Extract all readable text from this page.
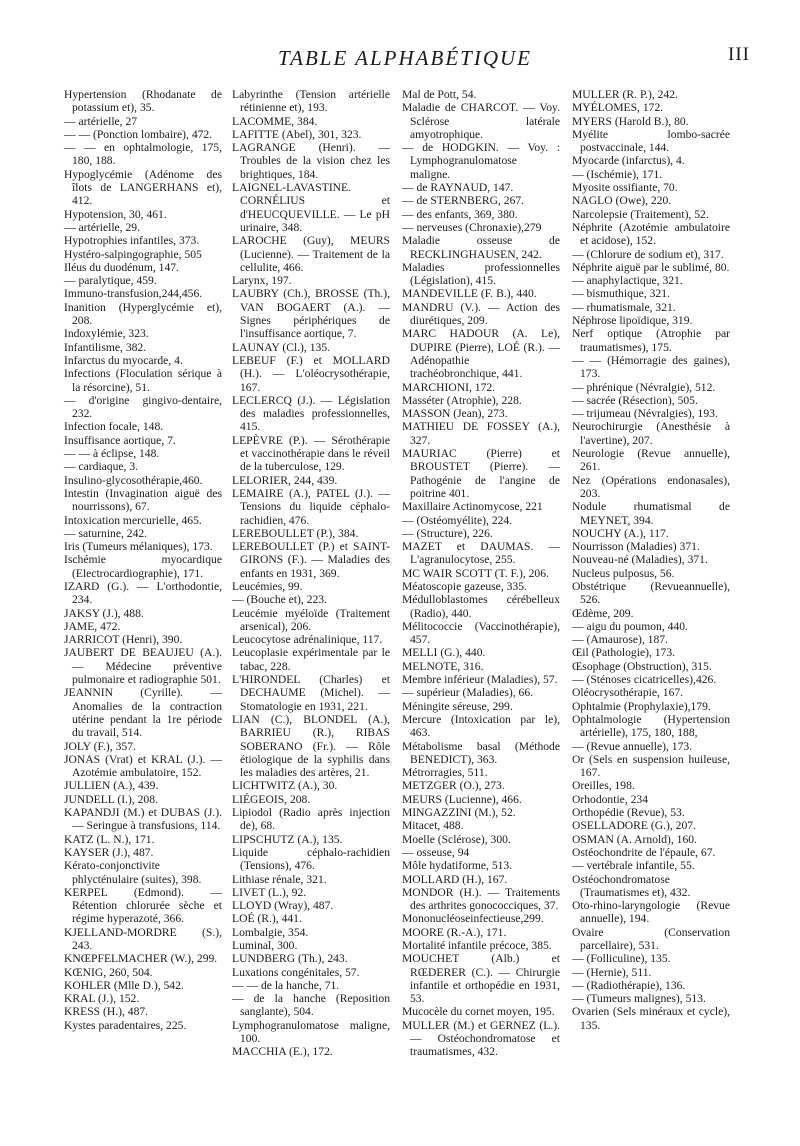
TABLE ALPHABÉTIQUE	III
Hypertension (Rhodanate de potassium et), 35.
— artérielle, 27
— — (Ponction lombaire), 472.
— — en ophtalmologie, 175, 180, 188.
Hypoglycémie (Adénome des îlots de LANGERHANS et), 412.
Hypotension, 30, 461.
— artérielle, 29.
Hypotrophies infantiles, 373.
Hystéro-salpingographie, 505
Iléus du duodénum, 147.
— paralytique, 459.
Immuno-transfusion,244,456.
Inanition (Hyperglycémie et), 208.
Indoxylémie, 323.
Infantilisme, 382.
Infarctus du myocarde, 4.
Infections (Floculation sérique à la résorcine), 51.
— d'origine gingivo-dentaire, 232.
Infection focale, 148.
Insuffisance aortique, 7.
— — à éclipse, 148.
— cardiaque, 3.
Insulino-glycosothérapie,460.
Intestin (Invagination aiguë des nourrissons), 67.
Intoxication mercurielle, 465.
— saturnine, 242.
Iris (Tumeurs mélaniques), 173.
Ischémie myocardique (Electrocardiographie), 171.
IZARD (G.). — L'orthodontie, 234.
JAKSY (J.), 488.
JAME, 472.
JARRICOT (Henri), 390.
JAUBERT DE BEAUJEU (A.). — Médecine préventive pulmonaire et radiographie 501.
JEANNIN (Cyrille). — Anomalies de la contraction utérine pendant la 1re période du travail, 514.
JOLY (F.), 357.
JONAS (Vrat) et KRAL (J.). — Azotémie ambulatoire, 152.
JULLIEN (A.), 439.
JUNDELL (I.), 208.
KAPANDJI (M.) et DUBAS (J.). — Seringue à transfusions, 114.
KATZ (L. N.), 171.
KAYSER (J.), 487.
Kérato-conjonctivite phlycténulaire (suites), 398.
KERPEL (Edmond). — Rétention chlorurée sèche et régime hyperazoté, 366.
KJELLAND-MORDRE (S.), 243.
KNŒPFELMACHER (W.), 299.
KŒNIG, 260, 504.
KOHLER (Mlle D.), 542.
KRAL (J.), 152.
KRESS (H.), 487.
Kystes paradentaires, 225.
Labyrinthe (Tension artérielle rétinienne et), 193.
LACOMME, 384.
LAFITTE (Abel), 301, 323.
LAGRANGE (Henri). — Troubles de la vision chez les brightiques, 184.
LAIGNEL-LAVASTINE. CORNÉLIUS et d'HEUCQUEVILLE. — Le pH urinaire, 348.
LAROCHE (Guy), MEURS (Lucienne). — Traitement de la cellulite, 466.
Larynx, 197.
LAUBRY (Ch.), BROSSE (Th.), VAN BOGAERT (A.). — Signes périphériques de l'insuffisance aortique, 7.
LAUNAY (Cl.), 135.
LEBEUF (F.) et MOLLARD (H.). — L'oléocrysothérapie, 167.
LECLERCQ (J.). — Législation des maladies professionnelles, 415.
LEPÈVRE (P.). — Sérothérapie et vaccinothérapie dans le réveil de la tuberculose, 129.
LELORIER, 244, 439.
LEMAIRE (A.), PATEL (J.). — Tensions du liquide céphalo-rachidien, 476.
LEREBOULLET (P.), 384.
LEREBOULLET (P.) et SAINT-GIRONS (F.). — Maladies des enfants en 1931, 369.
Leucémies, 99.
— (Bouche et), 223.
Leucémie myéloïde (Traitement arsenical), 206.
Leucocytose adrénalinique, 117.
Leucoplasie expérimentale par le tabac, 228.
L'HIRONDEL (Charles) et DECHAUME (Michel). — Stomatologie en 1931, 221.
LIAN (C.), BLONDEL (A.), BARRIEU (R.), RIBAS SOBERANO (Fr.). — Rôle étiologique de la syphilis dans les maladies des artères, 21.
LICHTWITZ (A.), 30.
LIÉGEOIS, 208.
Lipiodol (Radio après injection de), 68.
LIPSCHUTZ (A.), 135.
Liquide céphalo-rachidien (Tensions), 476.
Lithiase rénale, 321.
LIVET (L.), 92.
LLOYD (Wray), 487.
LOÉ (R.), 441.
Lombalgie, 354.
Luminal, 300.
LUNDBERG (Th.), 243.
Luxations congénitales, 57.
— — de la hanche, 71.
— de la hanche (Reposition sanglante), 504.
Lymphogranulomatose maligne, 100.
MACCHIA (E.), 172.
Mal de Pott, 54.
Maladie de CHARCOT. — Voy. Sclérose latérale amyotrophique.
— de HODGKIN. — Voy. : Lymphogranulomatose maligne.
— de RAYNAUD, 147.
— de STERNBERG, 267.
— des enfants, 369, 380.
— nerveuses (Chronaxie),279
Maladie osseuse de RECKLINGHAUSEN, 242.
Maladies professionnelles (Législation), 415.
MANDEVILLE (F. B.), 440.
MANDRU (V.). — Action des diurétiques, 209.
MARC HADOUR (A. Le), DUPIRE (Pierre), LOÉ (R.). — Adénopathie trachéobronchique, 441.
MARCHIONI, 172.
Masséter (Atrophie), 228.
MASSON (Jean), 273.
MATHIEU DE FOSSEY (A.), 327.
MAURIAC (Pierre) et BROUSTET (Pierre). — Pathogénie de l'angine de poitrine 401.
Maxillaire Actinomycose, 221
— (Ostéomyélite), 224.
— (Structure), 226.
MAZET et DAUMAS. — L'agranulocytose, 255.
MC WAIR SCOTT (T. F.), 206.
Méatoscopie gazeuse, 335.
Médulloblastomes cérébelleux (Radio), 440.
Mélitococcie (Vaccinothérapie), 457.
MELLI (G.), 440.
MELNOTE, 316.
Membre inférieur (Maladies), 57.
— supérieur (Maladies), 66.
Méningite séreuse, 299.
Mercure (Intoxication par le), 463.
Métabolisme basal (Méthode BENEDICT), 363.
Métrorragies, 511.
METZGER (O.), 273.
MEURS (Lucienne), 466.
MINGAZZINI (M.), 52.
Mitacet, 488.
Moelle (Sclérose), 300.
— osseuse, 94
Môle hydatiforme, 513.
MOLLARD (H.), 167.
MONDOR (H.). — Traitements des arthrites gonococciques, 37.
Mononucléoseinfectieuse,299.
MOORE (R.-A.), 171.
Mortalité infantile précoce, 385.
MOUCHET (Alb.) et RŒDERER (C.). — Chirurgie infantile et orthopédie en 1931, 53.
Mucocèle du cornet moyen, 195.
MULLER (M.) et GERNEZ (L.). — Ostéochondromatose et traumatismes, 432.
MULLER (R. P.), 242.
MYÉLOMES, 172.
MYERS (Harold B.), 80.
Myélite lombo-sacrée postvaccinale, 144.
Myocarde (infarctus), 4.
— (Ischémie), 171.
Myosite ossifiante, 70.
NAGLO (Owe), 220.
Narcolepsie (Traitement), 52.
Néphrite (Azotémie ambulatoire et acidose), 152.
— (Chlorure de sodium et), 317.
Néphrite aiguë par le sublimé, 80.
— anaphylactique, 321.
— bismuthique, 321.
— rhumatismale, 321.
Néphrose lipoïdique, 319.
Nerf optique (Atrophie par traumatismes), 175.
— — (Hémorragie des gaines), 173.
— phrénique (Névralgie), 512.
— sacrée (Résection), 505.
— trijumeau (Névralgies), 193.
Neurochirurgie (Anesthésie à l'avertine), 207.
Neurologie (Revue annuelle), 261.
Nez (Opérations endonasales), 203.
Nodule rhumatismal de MEYNET, 394.
NOUCHY (A.), 117.
Nourrisson (Maladies) 371.
Nouveau-né (Maladies), 371.
Nucleus pulposus, 56.
Obstétrique (Revueannuelle), 526.
Œdème, 209.
— aigu du poumon, 440.
— (Amaurose), 187.
Œil (Pathologie), 173.
Œsophage (Obstruction), 315.
— (Sténoses cicatricelles),426.
Oléocrysothérapie, 167.
Ophtalmie (Prophylaxie),179.
Ophtalmologie (Hypertension artérielle), 175, 180, 188,
— (Revue annuelle), 173.
Or (Sels en suspension huileuse, 167.
Oreilles, 198.
Orhodontie, 234
Orthopédie (Revue), 53.
OSELLADORE (G.), 207.
OSMAN (A. Arnold), 160.
Ostéochondrite de l'épaule, 67.
— vertébrale infantile, 55.
Ostéochondromatose (Traumatismes et), 432.
Oto-rhino-laryngologie (Revue annuelle), 194.
Ovaire (Conservation parcellaire), 531.
— (Folliculine), 135.
— (Hernie), 511.
— (Radiothérapie), 136.
— (Tumeurs malignes), 513.
Ovarien (Sels minéraux et cycle), 135.
